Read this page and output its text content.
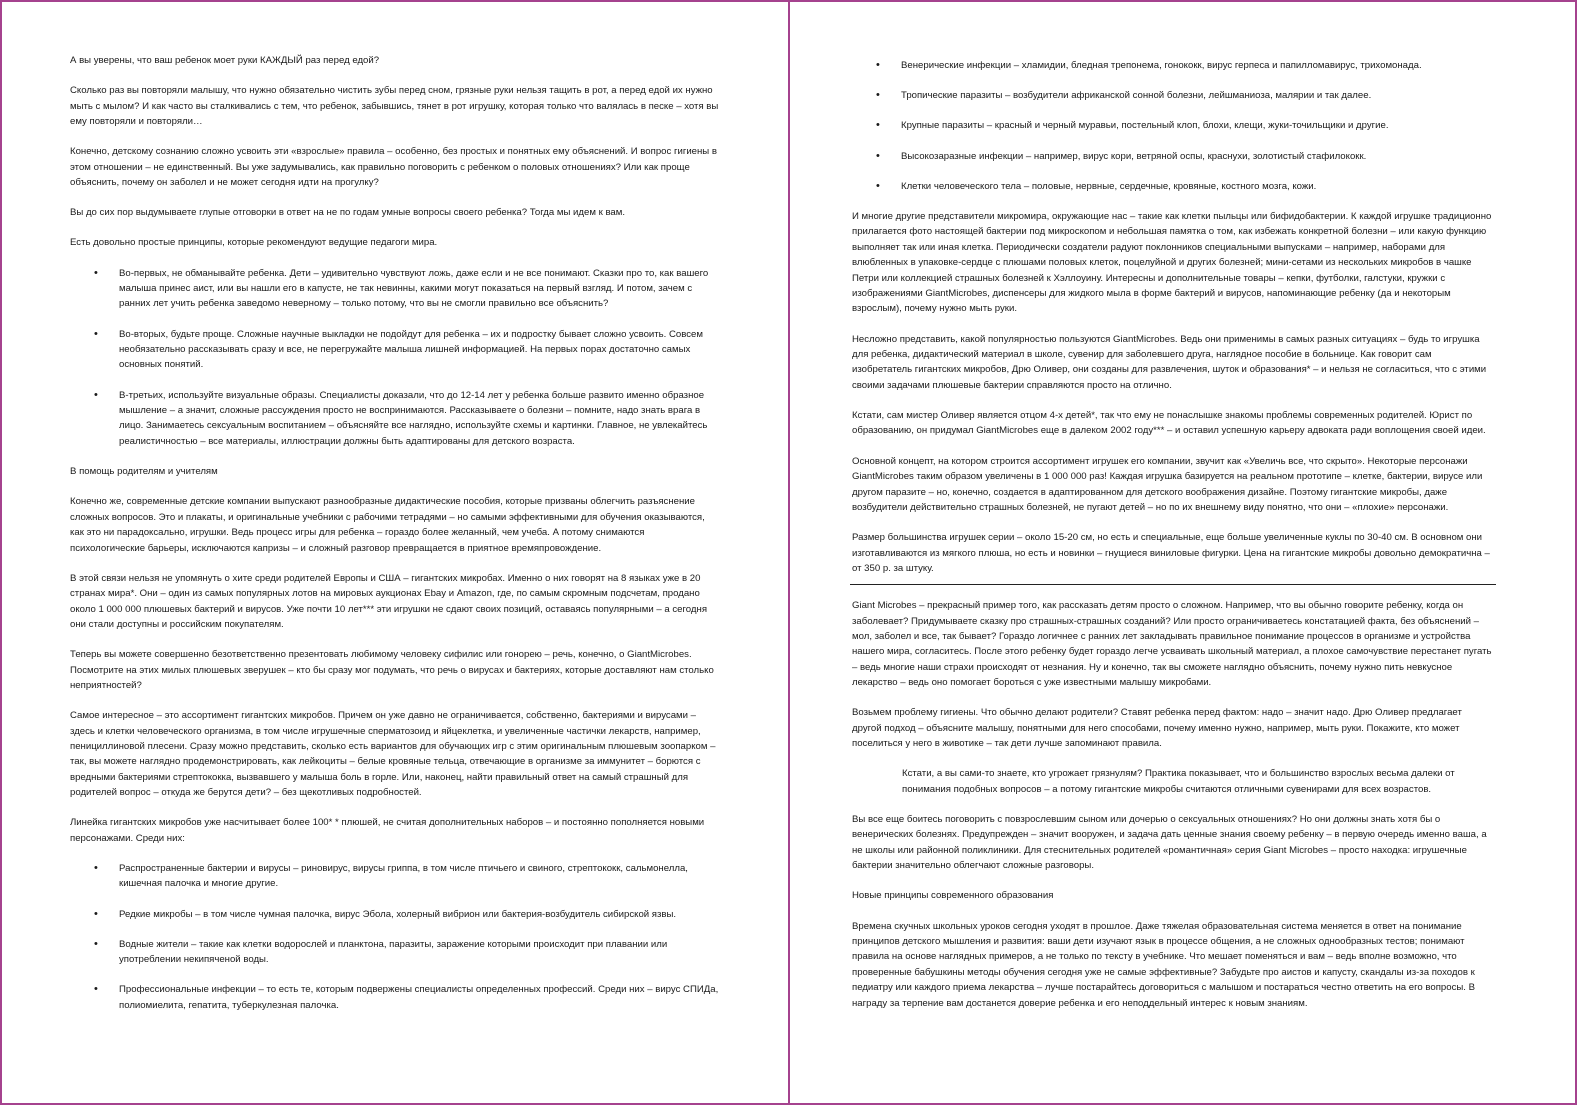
А вы уверены, что ваш ребенок моет руки КАЖДЫЙ раз перед едой?

Сколько раз вы повторяли малышу, что нужно обязательно чистить зубы перед сном, грязные руки нельзя тащить в рот, а перед едой их нужно мыть с мылом? И как часто вы сталкивались с тем, что ребенок, забывшись, тянет в рот игрушку, которая только что валялась в песке – хотя вы ему повторяли и повторяли…

Конечно, детскому сознанию сложно усвоить эти «взрослые» правила – особенно, без простых и понятных ему объяснений. И вопрос гигиены в этом отношении – не единственный. Вы уже задумывались, как правильно поговорить с ребенком о половых отношениях? Или как проще объяснить, почему он заболел и не может сегодня идти на прогулку?

Вы до сих пор выдумываете глупые отговорки в ответ на не по годам умные вопросы своего ребенка? Тогда мы идем к вам.

Есть довольно простые принципы, которые рекомендуют ведущие педагоги мира.

• Во-первых, не обманывайте ребенка. Дети – удивительно чувствуют ложь, даже если и не все понимают. Сказки про то, как вашего малыша принес аист, или вы нашли его в капусте, не так невинны, какими могут показаться на первый взгляд. И потом, зачем с ранних лет учить ребенка заведомо неверному – только потому, что вы не смогли правильно все объяснить?
• Во-вторых, будьте проще. Сложные научные выкладки не подойдут для ребенка – их и подростку бывает сложно усвоить. Совсем необязательно рассказывать сразу и все, не перегружайте малыша лишней информацией. На первых порах достаточно самых основных понятий.
• В-третьих, используйте визуальные образы. Специалисты доказали, что до 12-14 лет у ребенка больше развито именно образное мышление – а значит, сложные рассуждения просто не воспринимаются. Рассказываете о болезни – помните, надо знать врага в лицо. Занимаетесь сексуальным воспитанием – объясняйте все наглядно, используйте схемы и картинки. Главное, не увлекайтесь реалистичностью – все материалы, иллюстрации должны быть адаптированы для детского возраста.

В помощь родителям и учителям

Конечно же, современные детские компании выпускают разнообразные дидактические пособия, которые призваны облегчить разъяснение сложных вопросов. Это и плакаты, и оригинальные учебники с рабочими тетрадями – но самыми эффективными для обучения оказываются, как это ни парадоксально, игрушки. Ведь процесс игры для ребенка – гораздо более желанный, чем учеба. А потому снимаются психологические барьеры, исключаются капризы – и сложный разговор превращается в приятное времяпровождение.

В этой связи нельзя не упомянуть о хите среди родителей Европы и США – гигантских микробах. Именно о них говорят на 8 языках уже в 20 странах мира*. Они – один из самых популярных лотов на мировых аукционах Ebay и Amazon, где, по самым скромным подсчетам, продано около 1 000 000 плюшевых бактерий и вирусов. Уже почти 10 лет*** эти игрушки не сдают своих позиций, оставаясь популярными – а сегодня они стали доступны и российским покупателям.

Теперь вы можете совершенно безответственно презентовать любимому человеку сифилис или гонорею – речь, конечно, о GiantMicrobes. Посмотрите на этих милых плюшевых зверушек – кто бы сразу мог подумать, что речь о вирусах и бактериях, которые доставляют нам столько неприятностей?

Самое интересное – это ассортимент гигантских микробов. Причем он уже давно не ограничивается, собственно, бактериями и вирусами – здесь и клетки человеческого организма, в том числе игрушечные сперматозоид и яйцеклетка, и увеличенные частички лекарств, например, пенициллиновой плесени. Сразу можно представить, сколько есть вариантов для обучающих игр с этим оригинальным плюшевым зоопарком – так, вы можете наглядно продемонстрировать, как лейкоциты – белые кровяные тельца, отвечающие в организме за иммунитет – борются с вредными бактериями стрептококка, вызвавшего у малыша боль в горле. Или, наконец, найти правильный ответ на самый страшный для родителей вопрос – откуда же берутся дети? – без щекотливых подробностей.

Линейка гигантских микробов уже насчитывает более 100* * плюшей, не считая дополнительных наборов – и постоянно пополняется новыми персонажами. Среди них:

• Распространенные бактерии и вирусы – риновирус, вирусы гриппа, в том числе птичьего и свиного, стрептококк, сальмонелла, кишечная палочка и многие другие.
• Редкие микробы – в том числе чумная палочка, вирус Эбола, холерный вибрион или бактерия-возбудитель сибирской язвы.
• Водные жители – такие как клетки водорослей и планктона, паразиты, заражение которыми происходит при плавании или употреблении некипяченой воды.
• Профессиональные инфекции – то есть те, которым подвержены специалисты определенных профессий. Среди них – вирус СПИДа, полиомиелита, гепатита, туберкулезная палочка.
• Венерические инфекции – хламидии, бледная трепонема, гонококк, вирус герпеса и папилломавирус, трихомонада.
• Тропические паразиты – возбудители африканской сонной болезни, лейшманиоза, малярии и так далее.
• Крупные паразиты – красный и черный муравьи, постельный клоп, блохи, клещи, жуки-точильщики и другие.
• Высокозаразные инфекции – например, вирус кори, ветряной оспы, краснухи, золотистый стафилококк.
• Клетки человеческого тела – половые, нервные, сердечные, кровяные, костного мозга, кожи.

И многие другие представители микромира, окружающие нас – такие как клетки пыльцы или бифидобактерии. К каждой игрушке традиционно прилагается фото настоящей бактерии под микроскопом и небольшая памятка о том, как избежать конкретной болезни – или какую функцию выполняет так или иная клетка. Периодически создатели радуют поклонников специальными выпусками – например, наборами для влюбленных в упаковке-сердце с плюшами половых клеток, поцелуйной и других болезней; мини-сетами из нескольких микробов в чашке Петри или коллекцией страшных болезней к Хэллоуину. Интересны и дополнительные товары – кепки, футболки, галстуки, кружки с изображениями GiantMicrobes, диспенсеры для жидкого мыла в форме бактерий и вирусов, напоминающие ребенку (да и некоторым взрослым), почему нужно мыть руки.

Несложно представить, какой популярностью пользуются GiantMicrobes. Ведь они применимы в самых разных ситуациях – будь то игрушка для ребенка, дидактический материал в школе, сувенир для заболевшего друга, наглядное пособие в больнице. Как говорит сам изобретатель гигантских микробов, Дрю Оливер, они созданы для развлечения, шуток и образования* – и нельзя не согласиться, что с этими своими задачами плюшевые бактерии справляются просто на отлично.

Кстати, сам мистер Оливер является отцом 4-х детей*, так что ему не понаслышке знакомы проблемы современных родителей. Юрист по образованию, он придумал GiantMicrobes еще в далеком 2002 году*** – и оставил успешную карьеру адвоката ради воплощения своей идеи.

Основной концепт, на котором строится ассортимент игрушек его компании, звучит как «Увеличь все, что скрыто». Некоторые персонажи GiantMicrobes таким образом увеличены в 1 000 000 раз! Каждая игрушка базируется на реальном прототипе – клетке, бактерии, вирусе или другом паразите – но, конечно, создается в адаптированном для детского воображения дизайне. Поэтому гигантские микробы, даже возбудители действительно страшных болезней, не пугают детей – но по их внешнему виду понятно, что они – «плохие» персонажи.

Размер большинства игрушек серии – около 15-20 см, но есть и специальные, еще больше увеличенные куклы по 30-40 см. В основном они изготавливаются из мягкого плюша, но есть и новинки – гнущиеся виниловые фигурки. Цена на гигантские микробы довольно демократична – от 350 р. за штуку.

Giant Microbes – прекрасный пример того, как рассказать детям просто о сложном. Например, что вы обычно говорите ребенку, когда он заболевает? Придумываете сказку про страшных-страшных созданий? Или просто ограничиваетесь констатацией факта, без объяснений – мол, заболел и все, так бывает? Гораздо логичнее с ранних лет закладывать правильное понимание процессов в организме и устройства нашего мира, согласитесь. После этого ребенку будет гораздо легче усваивать школьный материал, а плохое самочувствие перестанет пугать – ведь многие наши страхи происходят от незнания. Ну и конечно, так вы сможете наглядно объяснить, почему нужно пить невкусное лекарство – ведь оно помогает бороться с уже известными малышу микробами.

Возьмем проблему гигиены. Что обычно делают родители? Ставят ребенка перед фактом: надо – значит надо. Дрю Оливер предлагает другой подход – объясните малышу, понятными для него способами, почему именно нужно, например, мыть руки. Покажите, кто может поселиться у него в животике – так дети лучше запоминают правила.

Кстати, а вы сами-то знаете, кто угрожает грязнулям? Практика показывает, что и большинство взрослых весьма далеки от понимания подобных вопросов – а потому гигантские микробы считаются отличными сувенирами для всех возрастов.

Вы все еще боитесь поговорить с повзрослевшим сыном или дочерью о сексуальных отношениях? Но они должны знать хотя бы о венерических болезнях. Предупрежден – значит вооружен, и задача дать ценные знания своему ребенку – в первую очередь именно ваша, а не школы или районной поликлиники. Для стеснительных родителей «романтичная» серия Giant Microbes – просто находка: игрушечные бактерии значительно облегчают сложные разговоры.

Новые принципы современного образования

Времена скучных школьных уроков сегодня уходят в прошлое. Даже тяжелая образовательная система меняется в ответ на понимание принципов детского мышления и развития: ваши дети изучают язык в процессе общения, а не сложных однообразных тестов; понимают правила на основе наглядных примеров, а не только по тексту в учебнике. Что мешает поменяться и вам – ведь вполне возможно, что проверенные бабушкины методы обучения сегодня уже не самые эффективные? Забудьте про аистов и капусту, скандалы из-за походов к педиатру или каждого приема лекарства – лучше постарайтесь договориться с малышом и постараться честно ответить на его вопросы. В награду за терпение вам достанется доверие ребенка и его неподдельный интерес к новым знаниям.
